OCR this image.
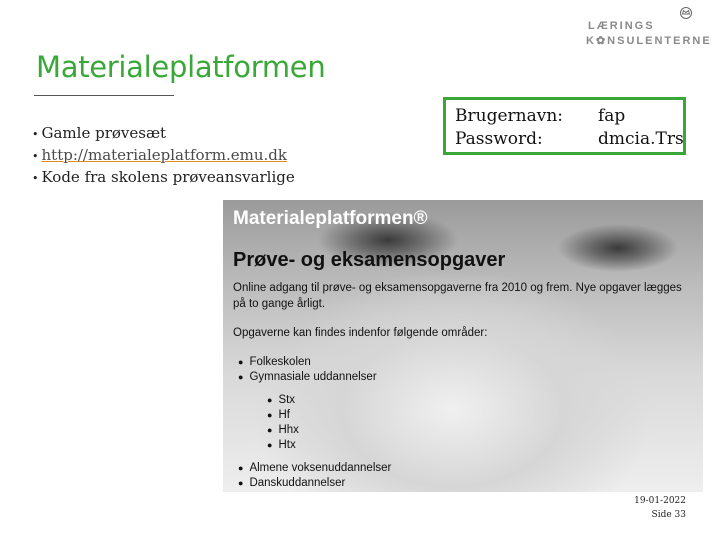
LÆRINGS
K✿NSULENTERNE
Materialeplatformen
• Gamle prøvesæt
• http://materialeplatform.emu.dk
• Kode fra skolens prøveansvarlige
Brugernavn: fap
Password:	dmcia.Trs
Materialeplatformen®
Prøve- og eksamensopgaver
Online adgang til prøve- og eksamensopgaverne fra 2010 og frem. Nye opgaver lægges på to gange årligt.
Opgaverne kan findes indenfor følgende områder:
● Folkeskolen
● Gymnasiale uddannelser
● Stx
● Hf
● Hhx
● Htx
● Almene voksenuddannelser
● Danskuddannelser
19-01-2022
Side 33
